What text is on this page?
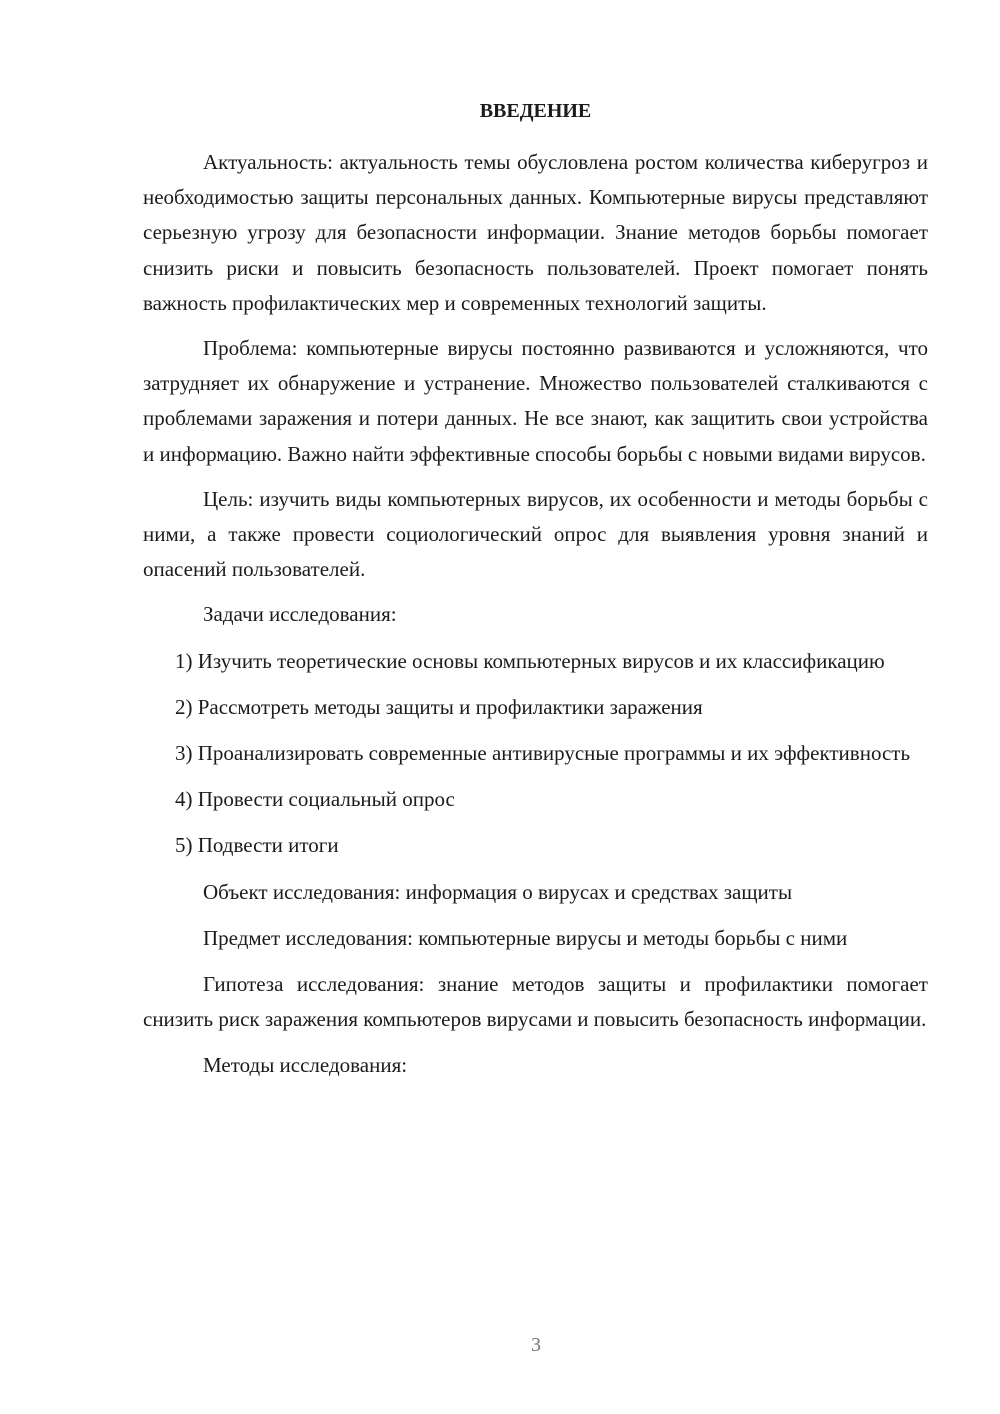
ВВЕДЕНИЕ

Актуальность: актуальность темы обусловлена ростом количества киберугроз и необходимостью защиты персональных данных. Компьютерные вирусы представляют серьезную угрозу для безопасности информации. Знание методов борьбы помогает снизить риски и повысить безопасность пользователей. Проект помогает понять важность профилактических мер и современных технологий защиты.

Проблема: компьютерные вирусы постоянно развиваются и усложняются, что затрудняет их обнаружение и устранение. Множество пользователей сталкиваются с проблемами заражения и потери данных. Не все знают, как защитить свои устройства и информацию. Важно найти эффективные способы борьбы с новыми видами вирусов.

Цель: изучить виды компьютерных вирусов, их особенности и методы борьбы с ними, а также провести социологический опрос для выявления уровня знаний и опасений пользователей.

Задачи исследования:

1) Изучить теоретические основы компьютерных вирусов и их классификацию

2) Рассмотреть методы защиты и профилактики заражения

3) Проанализировать современные антивирусные программы и их эффективность

4) Провести социальный опрос

5) Подвести итоги

Объект исследования: информация о вирусах и средствах защиты

Предмет исследования: компьютерные вирусы и методы борьбы с ними

Гипотеза исследования: знание методов защиты и профилактики помогает снизить риск заражения компьютеров вирусами и повысить безопасность информации.

Методы исследования:

3
